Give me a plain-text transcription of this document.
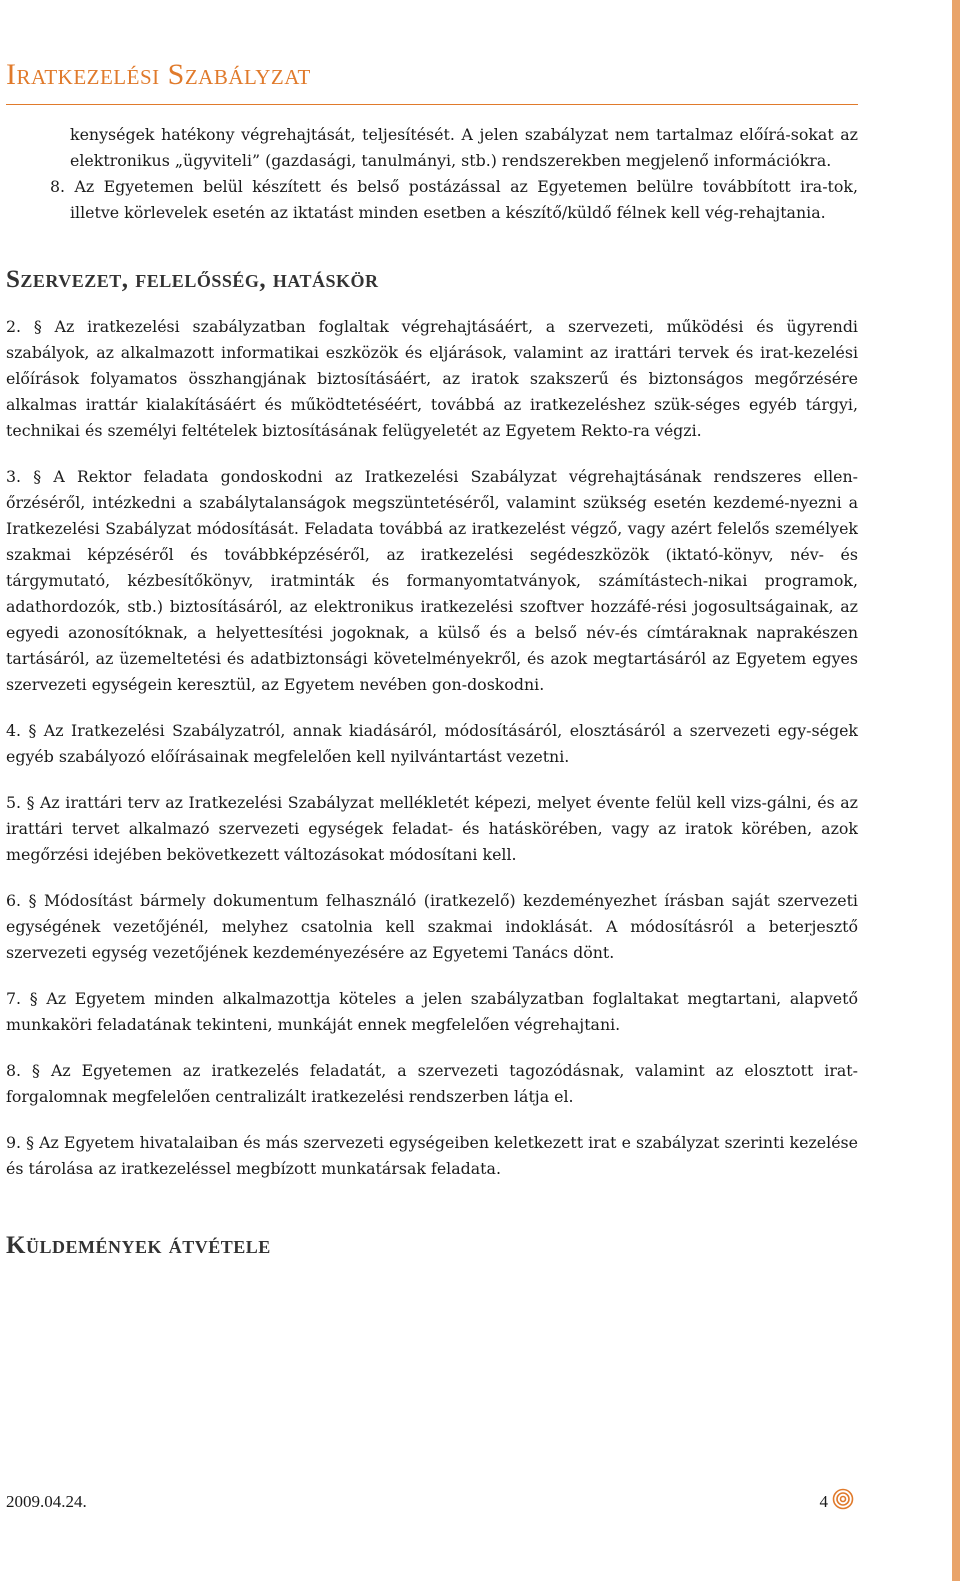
Iratkezelési Szabályzat

kenységek hatékony végrehajtását, teljesítését. A jelen szabályzat nem tartalmaz előírá-sokat az elektronikus „ügyviteli” (gazdasági, tanulmányi, stb.) rendszerekben megjelenő információkra.

8. Az Egyetemen belül készített és belső postázással az Egyetemen belülre továbbított ira-tok, illetve körlevelek esetén az iktatást minden esetben a készítő/küldő félnek kell vég-rehajtania.

Szervezet, felelősség, hatáskör

2. § Az iratkezelési szabályzatban foglaltak végrehajtásáért, a szervezeti, működési és ügyrendi szabályok, az alkalmazott informatikai eszközök és eljárások, valamint az irattári tervek és irat-kezelési előírások folyamatos összhangjának biztosításáért, az iratok szakszerű és biztonságos megőrzésére alkalmas irattár kialakításáért és működtetéséért, továbbá az iratkezeléshez szük-séges egyéb tárgyi, technikai és személyi feltételek biztosításának felügyeletét az Egyetem Rekto-ra végzi.

3. § A Rektor feladata gondoskodni az Iratkezelési Szabályzat végrehajtásának rendszeres ellen-őrzéséről, intézkedni a szabálytalanságok megszüntetéséről, valamint szükség esetén kezdemé-nyezni a Iratkezelési Szabályzat módosítását. Feladata továbbá az iratkezelést végző, vagy azért felelős személyek szakmai képzéséről és továbbképzéséről, az iratkezelési segédeszközök (iktató-könyv, név- és tárgymutató, kézbesítőkönyv, iratminták és formanyomtatványok, számítástech-nikai programok, adathordozók, stb.) biztosításáról, az elektronikus iratkezelési szoftver hozzáfé-rési jogosultságainak, az egyedi azonosítóknak, a helyettesítési jogoknak, a külső és a belső név-és címtáraknak naprakészen tartásáról, az üzemeltetési és adatbiztonsági követelményekről, és azok megtartásáról az Egyetem egyes szervezeti egységein keresztül, az Egyetem nevében gon-doskodni.

4. § Az Iratkezelési Szabályzatról, annak kiadásáról, módosításáról, elosztásáról a szervezeti egy-ségek egyéb szabályozó előírásainak megfelelően kell nyilvántartást vezetni.

5. § Az irattári terv az Iratkezelési Szabályzat mellékletét képezi, melyet évente felül kell vizs-gálni, és az irattári tervet alkalmazó szervezeti egységek feladat- és hatáskörében, vagy az iratok körében, azok megőrzési idejében bekövetkezett változásokat módosítani kell.

6. § Módosítást bármely dokumentum felhasználó (iratkezelő) kezdeményezhet írásban saját szervezeti egységének vezetőjénél, melyhez csatolnia kell szakmai indoklását. A módosításról a beterjesztő szervezeti egység vezetőjének kezdeményezésére az Egyetemi Tanács dönt.

7. § Az Egyetem minden alkalmazottja köteles a jelen szabályzatban foglaltakat megtartani, alapvető munkaköri feladatának tekinteni, munkáját ennek megfelelően végrehajtani.

8. § Az Egyetemen az iratkezelés feladatát, a szervezeti tagozódásnak, valamint az elosztott irat-forgalomnak megfelelően centralizált iratkezelési rendszerben látja el.

9. § Az Egyetem hivatalaiban és más szervezeti egységeiben keletkezett irat e szabályzat szerinti kezelése és tárolása az iratkezeléssel megbízott munkatársak feladata.

Küldemények átvétele
2009.04.24.	4
